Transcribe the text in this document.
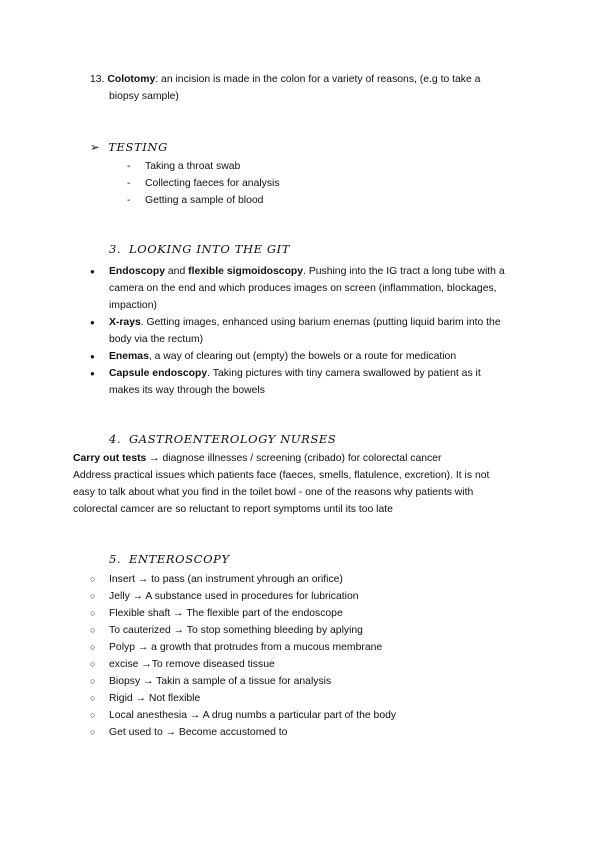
13. Colotomy: an incision is made in the colon for a variety of reasons, (e.g to take a
biopsy sample)
➢ TESTING
- Taking a throat swab
- Collecting faeces for analysis
- Getting a sample of blood
3. LOOKING INTO THE GIT
● Endoscopy and flexible sigmoidoscopy. Pushing into the IG tract a long tube with a
camera on the end and which produces images on screen (inflammation, blockages,
impaction)
● X-rays. Getting images, enhanced using barium enemas (putting liquid barim into the
body via the rectum)
● Enemas, a way of clearing out (empty) the bowels or a route for medication
● Capsule endoscopy. Taking pictures with tiny camera swallowed by patient as it
makes its way through the bowels
4. GASTROENTEROLOGY NURSES
Carry out tests → diagnose illnesses / screening (cribado) for colorectal cancer
Address practical issues which patients face (faeces, smells, flatulence, excretion). It is not
easy to talk about what you find in the toilet bowl - one of the reasons why patients with
colorectal camcer are so reluctant to report symptoms until its too late
5. ENTEROSCOPY
○ Insert → to pass (an instrument yhrough an orifice)
○ Jelly → A substance used in procedures for lubrication
○ Flexible shaft → The flexible part of the endoscope
○ To cauterized → To stop something bleeding by aplying
○ Polyp → a growth that protrudes from a mucous membrane
○ excise →To remove diseased tissue
○ Biopsy → Takin a sample of a tissue for analysis
○ Rigid → Not flexible
○ Local anesthesia → A drug numbs a particular part of the body
○ Get used to → Become accustomed to
